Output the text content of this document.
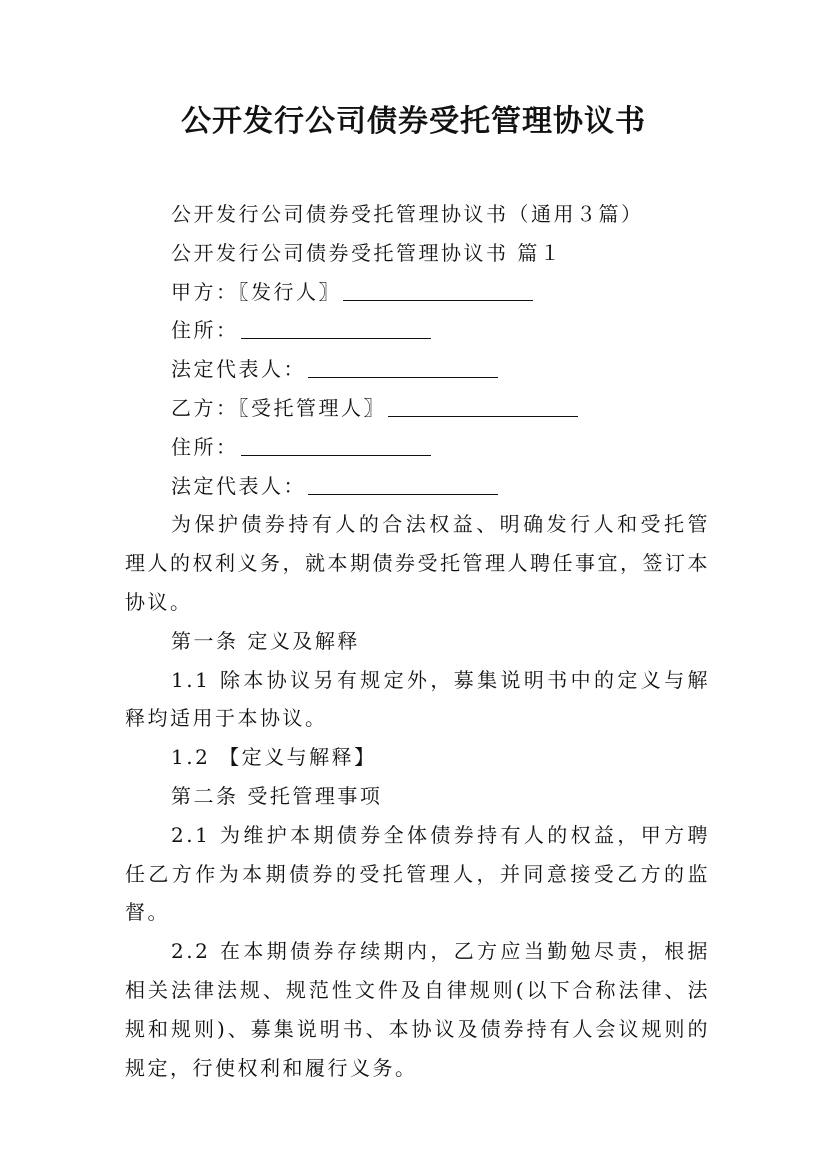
公开发行公司债券受托管理协议书

公开发行公司债券受托管理协议书（通用３篇）

公开发行公司债券受托管理协议书 篇１

甲方：〖发行人〗

住所：

法定代表人：

乙方：〖受托管理人〗

住所：

法定代表人：

为保护债券持有人的合法权益、明确发行人和受托管理人的权利义务，就本期债券受托管理人聘任事宜，签订本协议。

第一条 定义及解释

1.1 除本协议另有规定外，募集说明书中的定义与解释均适用于本协议。

1.2 【定义与解释】

第二条 受托管理事项

2.1 为维护本期债券全体债券持有人的权益，甲方聘任乙方作为本期债券的受托管理人，并同意接受乙方的监督。

2.2 在本期债券存续期内，乙方应当勤勉尽责，根据相关法律法规、规范性文件及自律规则(以下合称法律、法规和规则)、募集说明书、本协议及债券持有人会议规则的规定，行使权利和履行义务。
